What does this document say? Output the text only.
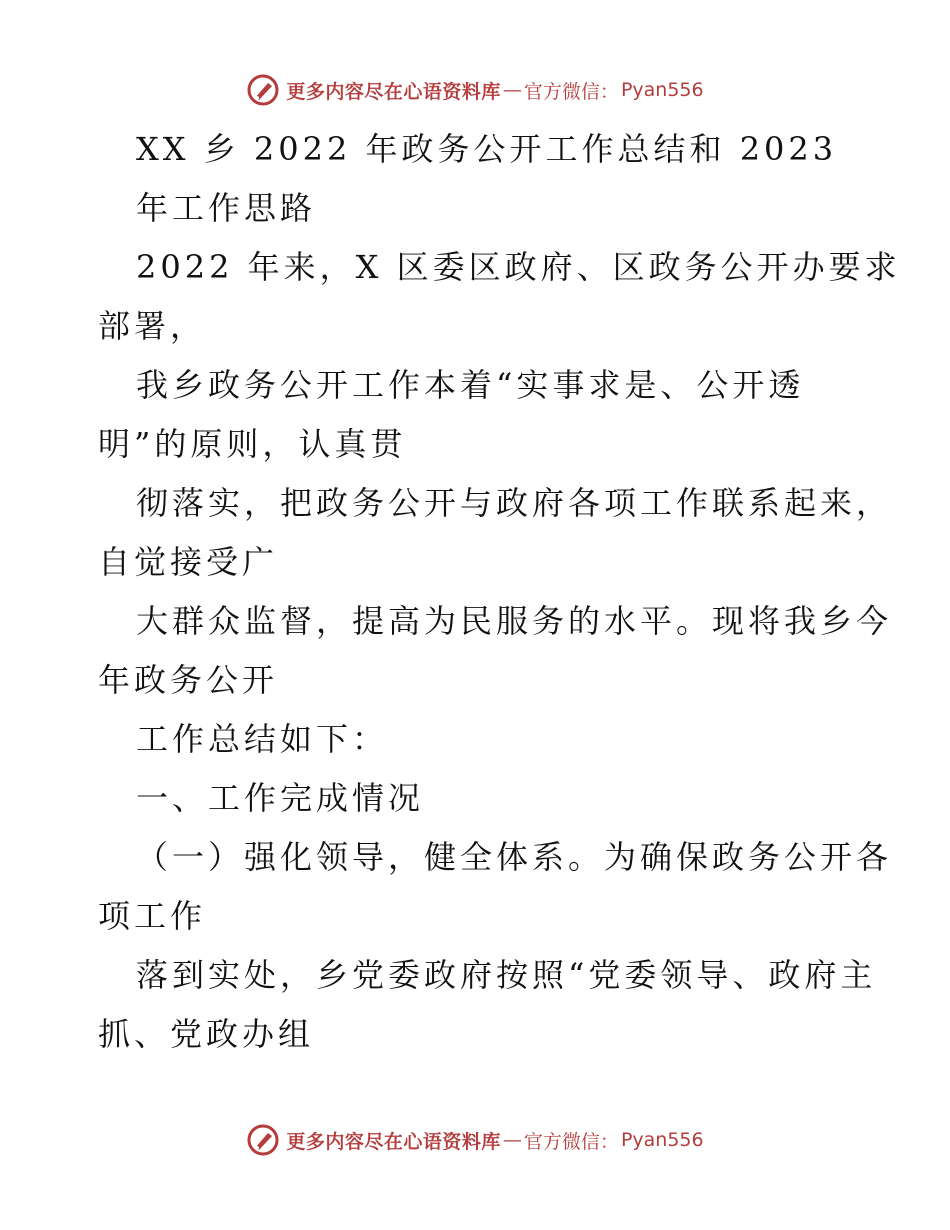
更多内容尽在心语资料库 — 官方微信： Pyan556
XX 乡 2022 年政务公开工作总结和 2023
年工作思路
2022 年来，X 区委区政府、区政务公开办要求
部署，
我乡政务公开工作本着“实事求是、公开透
明”的原则，认真贯
彻落实，把政务公开与政府各项工作联系起来，
自觉接受广
大群众监督，提高为民服务的水平。现将我乡今
年政务公开
工作总结如下：
一、工作完成情况
（一）强化领导，健全体系。为确保政务公开各
项工作
落到实处，乡党委政府按照“党委领导、政府主
抓、党政办组
更多内容尽在心语资料库 — 官方微信： Pyan556
